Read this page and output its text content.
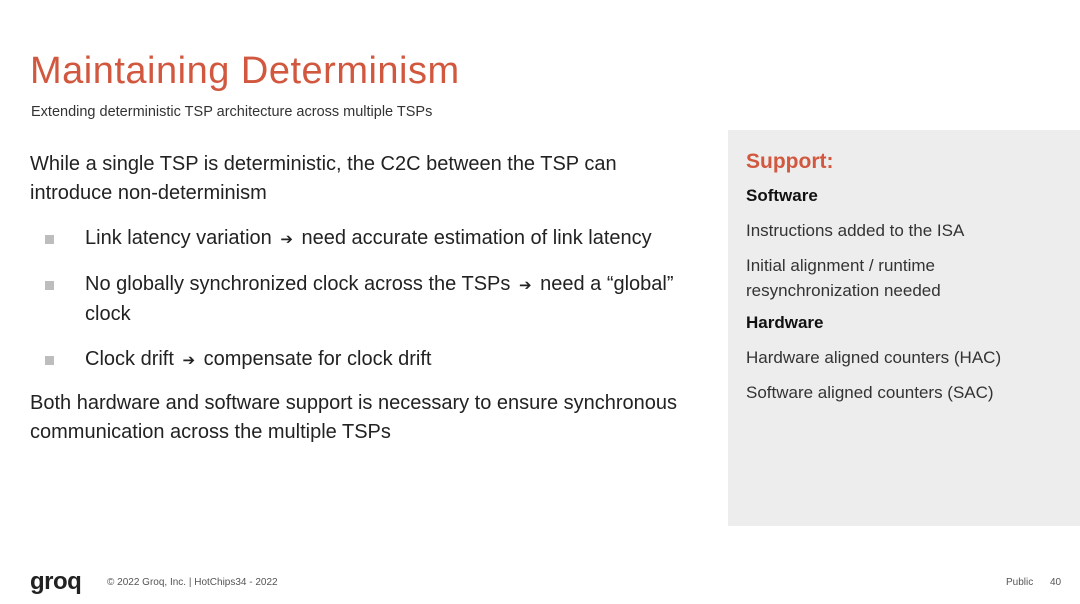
Maintaining Determinism
Extending deterministic TSP architecture across multiple TSPs

While a single TSP is deterministic, the C2C between the TSP can introduce non-determinism

Link latency variation ➔ need accurate estimation of link latency
No globally synchronized clock across the TSPs ➔ need a “global” clock
Clock drift ➔ compensate for clock drift

Both hardware and software support is necessary to ensure synchronous communication across the multiple TSPs

Support:
Software
Instructions added to the ISA
Initial alignment / runtime resynchronization needed
Hardware
Hardware aligned counters (HAC)
Software aligned counters (SAC)
groq	© 2022 Groq, Inc. | HotChips34 - 2022	Public 40
